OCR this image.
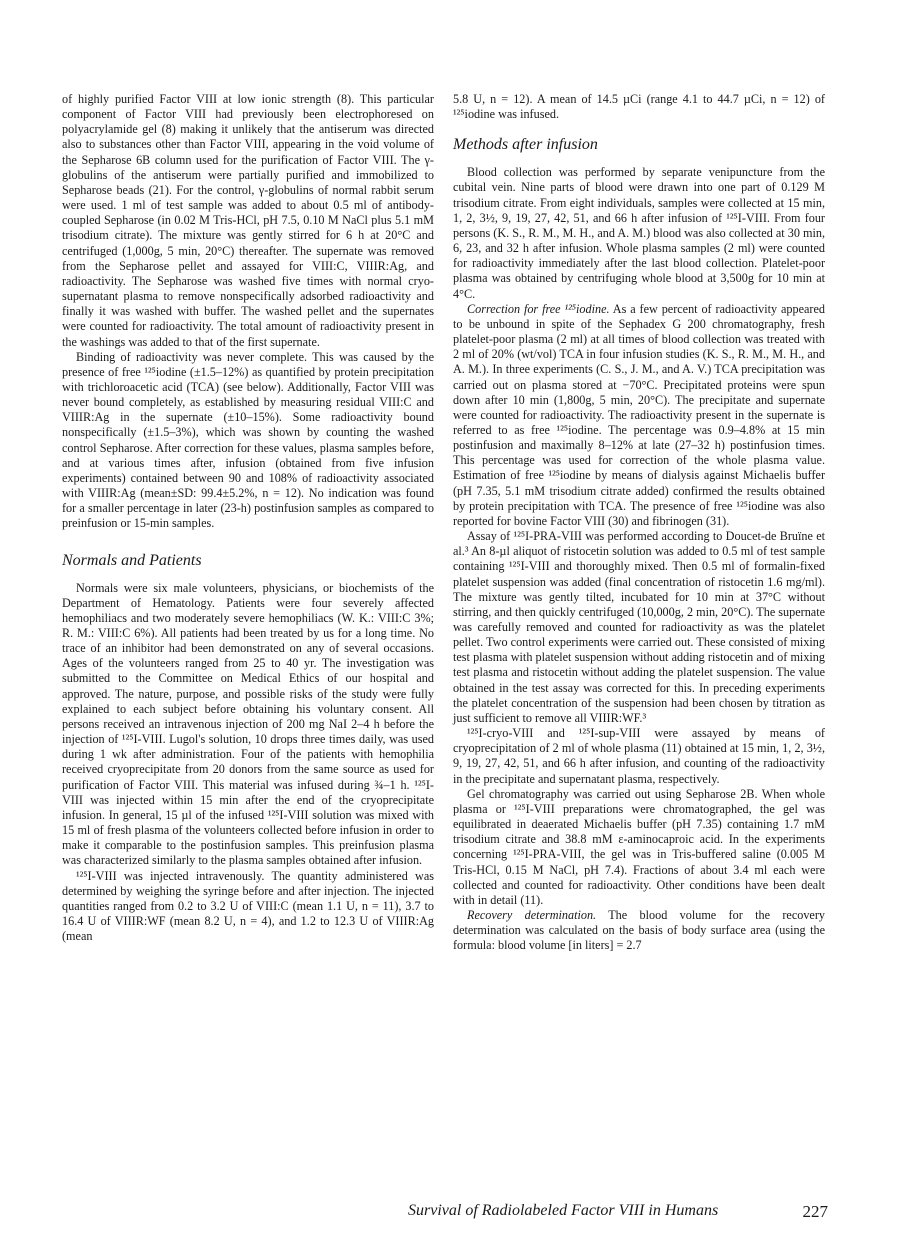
of highly purified Factor VIII at low ionic strength (8). This particular component of Factor VIII had previously been electrophoresed on polyacrylamide gel (8) making it unlikely that the antiserum was directed also to substances other than Factor VIII, appearing in the void volume of the Sepharose 6B column used for the purification of Factor VIII. The γ-globulins of the antiserum were partially purified and immobilized to Sepharose beads (21). For the control, γ-globulins of normal rabbit serum were used. 1 ml of test sample was added to about 0.5 ml of antibody-coupled Sepharose (in 0.02 M Tris-HCl, pH 7.5, 0.10 M NaCl plus 5.1 mM trisodium citrate). The mixture was gently stirred for 6 h at 20°C and centrifuged (1,000g, 5 min, 20°C) thereafter. The supernate was removed from the Sepharose pellet and assayed for VIII:C, VIIIR:Ag, and radioactivity. The Sepharose was washed five times with normal cryo-supernatant plasma to remove nonspecifically adsorbed radioactivity and finally it was washed with buffer. The washed pellet and the supernates were counted for radioactivity. The total amount of radioactivity present in the washings was added to that of the first supernate.

Binding of radioactivity was never complete. This was caused by the presence of free ¹²⁵iodine (±1.5–12%) as quantified by protein precipitation with trichloroacetic acid (TCA) (see below). Additionally, Factor VIII was never bound completely, as established by measuring residual VIII:C and VIIIR:Ag in the supernate (±10–15%). Some radioactivity bound nonspecifically (±1.5–3%), which was shown by counting the washed control Sepharose. After correction for these values, plasma samples before, and at various times after, infusion (obtained from five infusion experiments) contained between 90 and 108% of radioactivity associated with VIIIR:Ag (mean±SD: 99.4±5.2%, n = 12). No indication was found for a smaller percentage in later (23-h) postinfusion samples as compared to preinfusion or 15-min samples.

Normals and Patients

Normals were six male volunteers, physicians, or biochemists of the Department of Hematology. Patients were four severely affected hemophiliacs and two moderately severe hemophiliacs (W. K.: VIII:C 3%; R. M.: VIII:C 6%). All patients had been treated by us for a long time. No trace of an inhibitor had been demonstrated on any of several occasions. Ages of the volunteers ranged from 25 to 40 yr. The investigation was submitted to the Committee on Medical Ethics of our hospital and approved. The nature, purpose, and possible risks of the study were fully explained to each subject before obtaining his voluntary consent. All persons received an intravenous injection of 200 mg NaI 2–4 h before the injection of ¹²⁵I-VIII. Lugol's solution, 10 drops three times daily, was used during 1 wk after administration. Four of the patients with hemophilia received cryoprecipitate from 20 donors from the same source as used for purification of Factor VIII. This material was infused during ¾–1 h. ¹²⁵I-VIII was injected within 15 min after the end of the cryoprecipitate infusion. In general, 15 µl of the infused ¹²⁵I-VIII solution was mixed with 15 ml of fresh plasma of the volunteers collected before infusion in order to make it comparable to the postinfusion samples. This preinfusion plasma was characterized similarly to the plasma samples obtained after infusion.

¹²⁵I-VIII was injected intravenously. The quantity administered was determined by weighing the syringe before and after injection. The injected quantities ranged from 0.2 to 3.2 U of VIII:C (mean 1.1 U, n = 11), 3.7 to 16.4 U of VIIIR:WF (mean 8.2 U, n = 4), and 1.2 to 12.3 U of VIIIR:Ag (mean

5.8 U, n = 12). A mean of 14.5 µCi (range 4.1 to 44.7 µCi, n = 12) of ¹²⁵iodine was infused.

Methods after infusion

Blood collection was performed by separate venipuncture from the cubital vein. Nine parts of blood were drawn into one part of 0.129 M trisodium citrate. From eight individuals, samples were collected at 15 min, 1, 2, 3½, 9, 19, 27, 42, 51, and 66 h after infusion of ¹²⁵I-VIII. From four persons (K. S., R. M., M. H., and A. M.) blood was also collected at 30 min, 6, 23, and 32 h after infusion. Whole plasma samples (2 ml) were counted for radioactivity immediately after the last blood collection. Platelet-poor plasma was obtained by centrifuging whole blood at 3,500g for 10 min at 4°C.

Correction for free ¹²⁵iodine. As a few percent of radioactivity appeared to be unbound in spite of the Sephadex G 200 chromatography, fresh platelet-poor plasma (2 ml) at all times of blood collection was treated with 2 ml of 20% (wt/vol) TCA in four infusion studies (K. S., R. M., M. H., and A. M.). In three experiments (C. S., J. M., and A. V.) TCA precipitation was carried out on plasma stored at −70°C. Precipitated proteins were spun down after 10 min (1,800g, 5 min, 20°C). The precipitate and supernate were counted for radioactivity. The radioactivity present in the supernate is referred to as free ¹²⁵iodine. The percentage was 0.9–4.8% at 15 min postinfusion and maximally 8–12% at late (27–32 h) postinfusion times. This percentage was used for correction of the whole plasma value. Estimation of free ¹²⁵iodine by means of dialysis against Michaelis buffer (pH 7.35, 5.1 mM trisodium citrate added) confirmed the results obtained by protein precipitation with TCA. The presence of free ¹²⁵iodine was also reported for bovine Factor VIII (30) and fibrinogen (31).

Assay of ¹²⁵I-PRA-VIII was performed according to Doucet-de Bruïne et al.³ An 8-µl aliquot of ristocetin solution was added to 0.5 ml of test sample containing ¹²⁵I-VIII and thoroughly mixed. Then 0.5 ml of formalin-fixed platelet suspension was added (final concentration of ristocetin 1.6 mg/ml). The mixture was gently tilted, incubated for 10 min at 37°C without stirring, and then quickly centrifuged (10,000g, 2 min, 20°C). The supernate was carefully removed and counted for radioactivity as was the platelet pellet. Two control experiments were carried out. These consisted of mixing test plasma with platelet suspension without adding ristocetin and of mixing test plasma and ristocetin without adding the platelet suspension. The value obtained in the test assay was corrected for this. In preceding experiments the platelet concentration of the suspension had been chosen by titration as just sufficient to remove all VIIIR:WF.³

¹²⁵I-cryo-VIII and ¹²⁵I-sup-VIII were assayed by means of cryoprecipitation of 2 ml of whole plasma (11) obtained at 15 min, 1, 2, 3½, 9, 19, 27, 42, 51, and 66 h after infusion, and counting of the radioactivity in the precipitate and supernatant plasma, respectively.

Gel chromatography was carried out using Sepharose 2B. When whole plasma or ¹²⁵I-VIII preparations were chromatographed, the gel was equilibrated in deaerated Michaelis buffer (pH 7.35) containing 1.7 mM trisodium citrate and 38.8 mM ε-aminocaproic acid. In the experiments concerning ¹²⁵I-PRA-VIII, the gel was in Tris-buffered saline (0.005 M Tris-HCl, 0.15 M NaCl, pH 7.4). Fractions of about 3.4 ml each were collected and counted for radioactivity. Other conditions have been dealt with in detail (11).

Recovery determination. The blood volume for the recovery determination was calculated on the basis of body surface area (using the formula: blood volume [in liters] = 2.7

Survival of Radiolabeled Factor VIII in Humans	227
